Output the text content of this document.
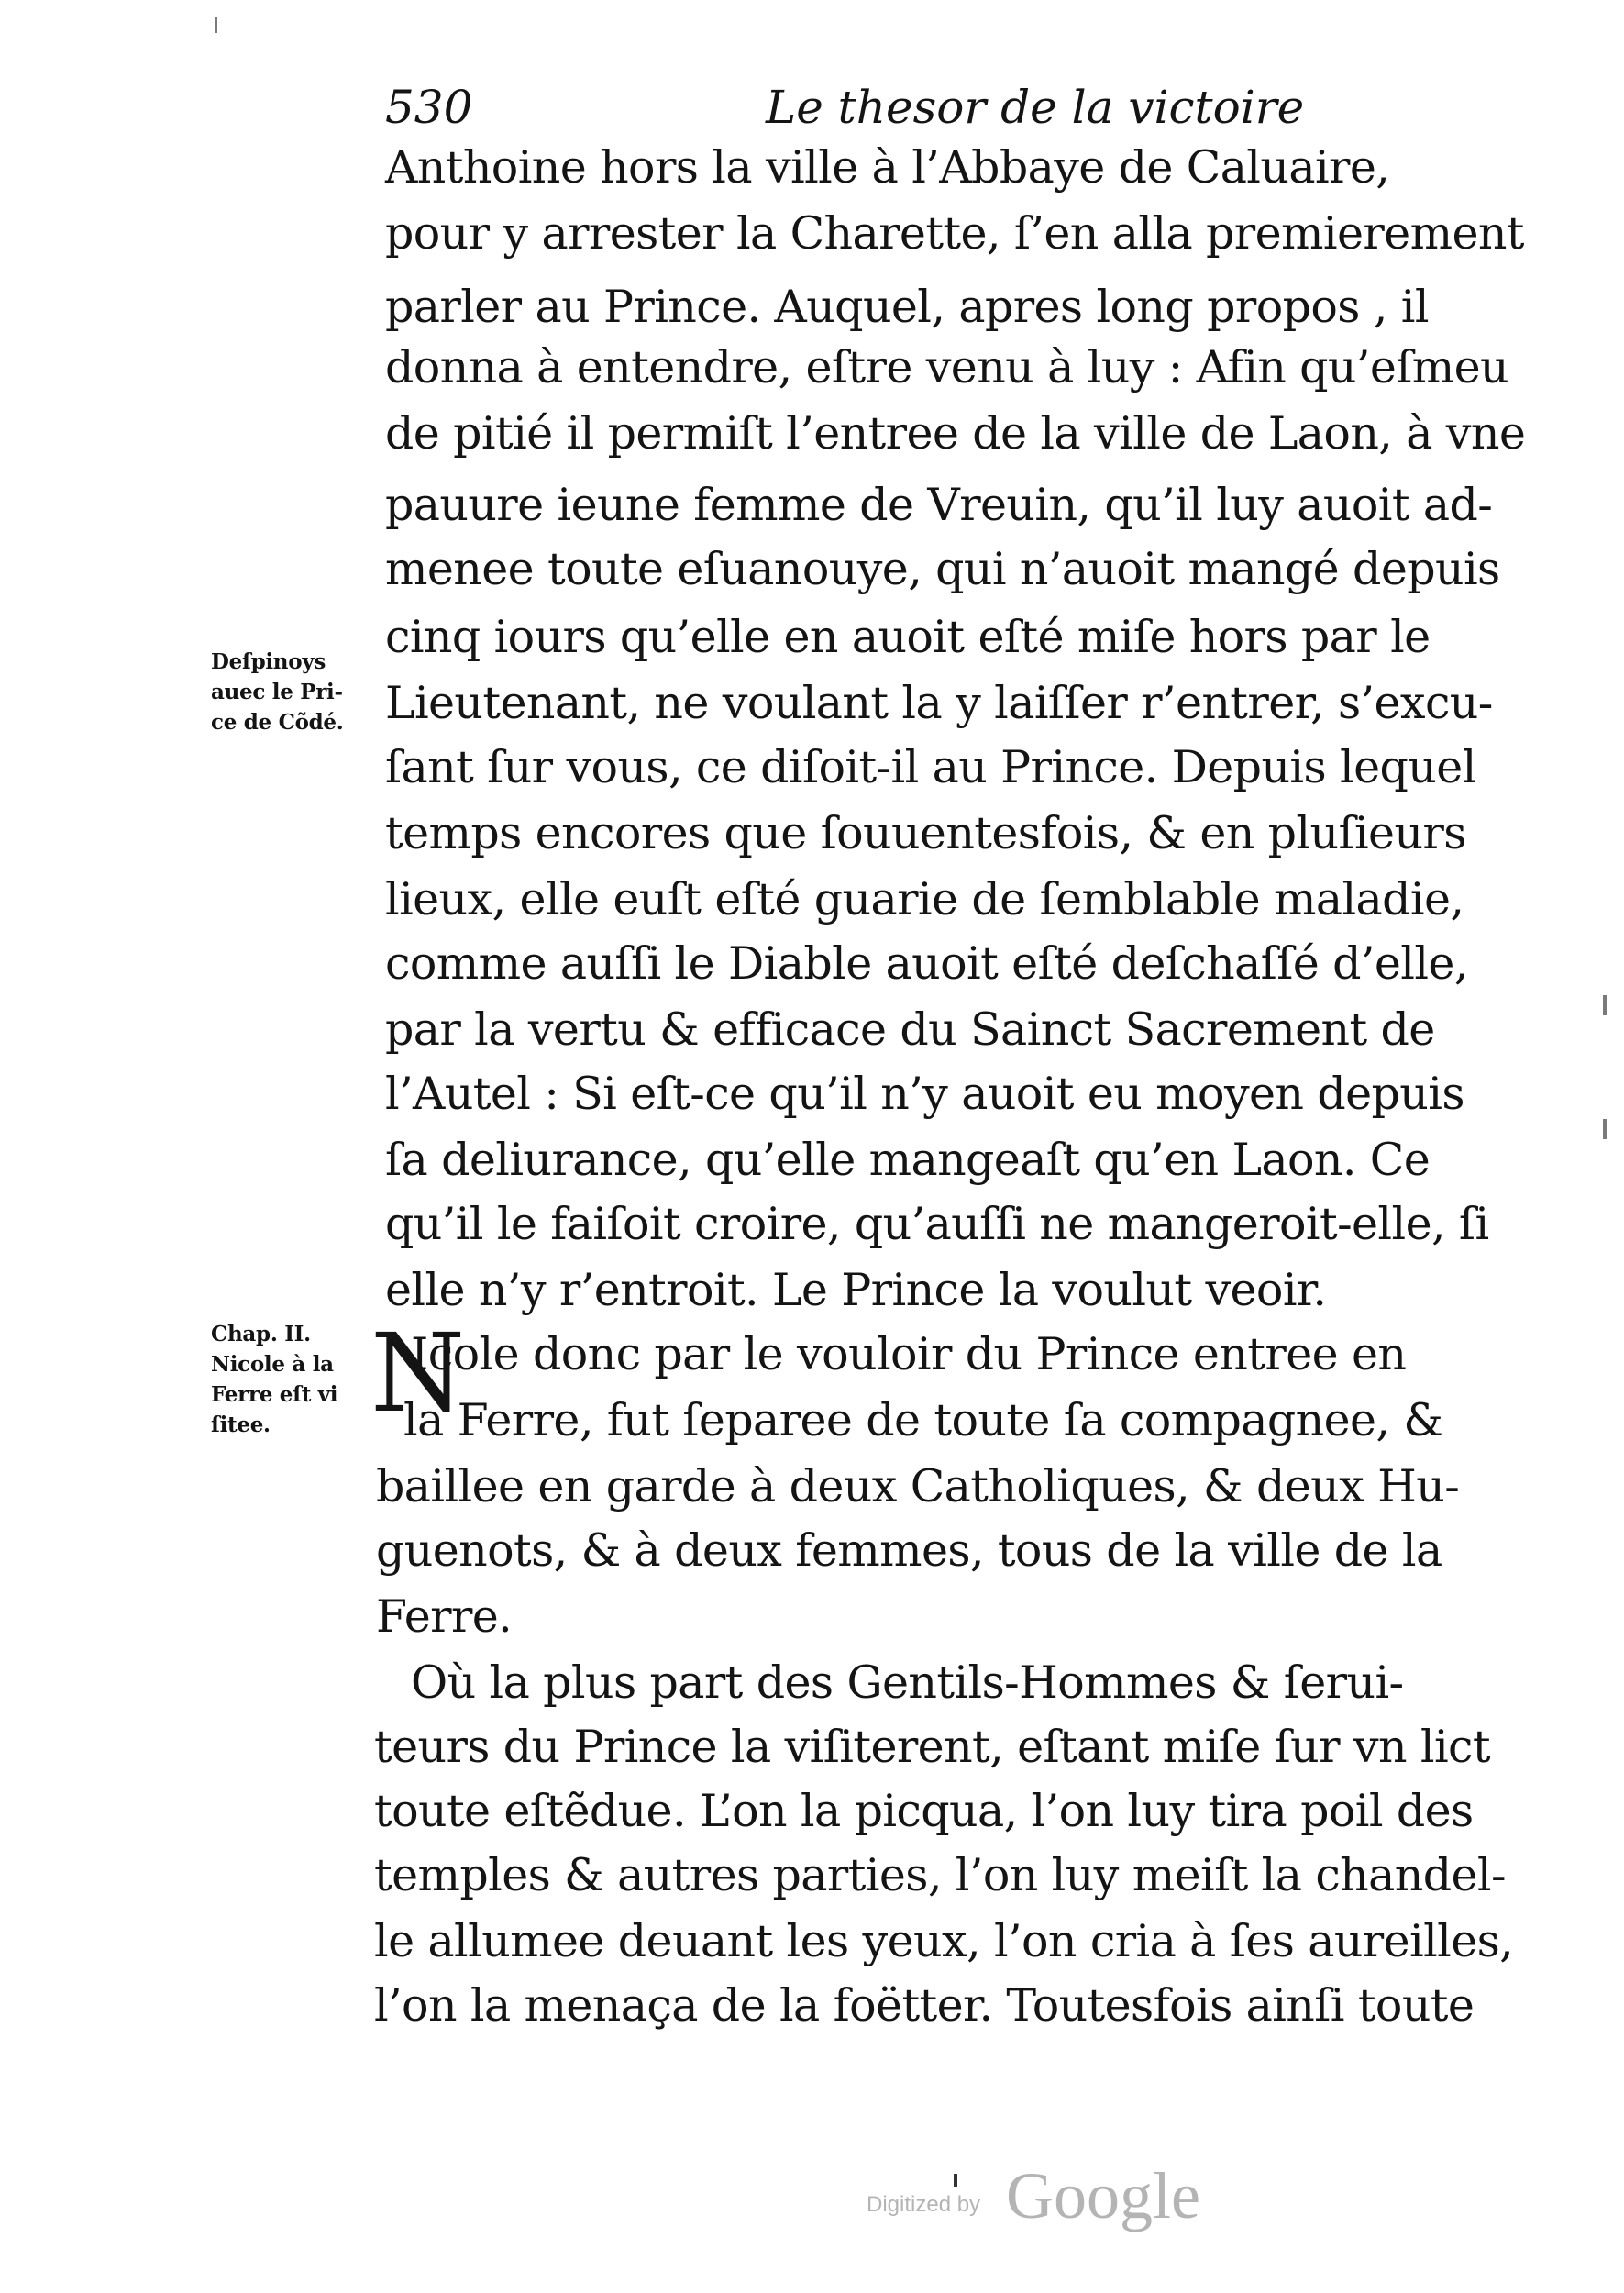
530	Le thesor de la victoire
Deſpinoys
auec le Pri-
ce de Cõdé.
Chap. II.
Nicole à la
Ferre eſt vi
ſitee. N
Anthoine hors la ville à l’Abbaye de Caluaire,
pour y arrester la Charette, ſ’en alla premierement
parler au Prince. Auquel, apres long propos , il
donna à entendre, eſtre venu à luy : Afin qu’eſmeu
de pitié il permiſt l’entree de la ville de Laon, à vne
pauure ieune femme de Vreuin, qu’il luy auoit ad-
menee toute eſuanouye, qui n’auoit mangé depuis
cinq iours qu’elle en auoit eſté miſe hors par le
Lieutenant, ne voulant la y laiſſer r’entrer, s’excu-
ſant ſur vous, ce diſoit-il au Prince. Depuis lequel
temps encores que ſouuentesfois, & en pluſieurs
lieux, elle euſt eſté guarie de ſemblable maladie,
comme auſſi le Diable auoit eſté deſchaſſé d’elle,
par la vertu & efficace du Sainct Sacrement de
l’Autel : Si eſt-ce qu’il n’y auoit eu moyen depuis
ſa deliurance, qu’elle mangeaſt qu’en Laon. Ce
qu’il le faiſoit croire, qu’auſſi ne mangeroit-elle, ſi
elle n’y r’entroit. Le Prince la voulut veoir.
Icole donc par le vouloir du Prince entree en
la Ferre, fut ſeparee de toute ſa compagnee, &
baillee en garde à deux Catholiques, & deux Hu-
guenots, & à deux femmes, tous de la ville de la
Ferre.
Où la plus part des Gentils-Hommes & ſerui-
teurs du Prince la viſiterent, eſtant miſe ſur vn lict
toute eſtẽdue. L’on la picqua, l’on luy tira poil des
temples & autres parties, l’on luy meiſt la chandel-
le allumee deuant les yeux, l’on cria à ſes aureilles,
l’on la menaça de la foëtter. Toutesfois ainſi toute
Digitized by Google
